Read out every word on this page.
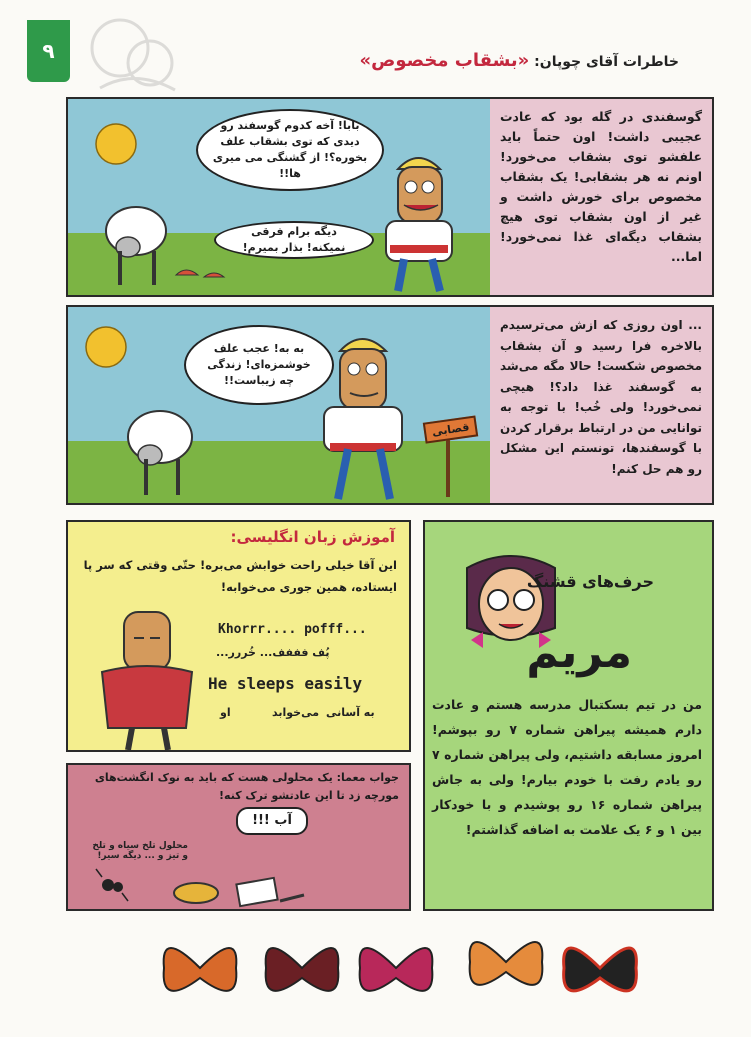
۹	خاطرات آقای چوپان: «بشقاب مخصوص»
بابا! آخه کدوم گوسفند رو دیدی که توی بشقاب علف بخوره؟! از گشنگی می میری ها!!
دیگه برام فرقی نمیکنه! بذار بمیرم!
گوسفندی در گله بود که عادت عجیبی داشت! اون حتماً باید علفشو توی بشقاب می‌خورد! اونم نه هر بشقابی! یک بشقاب مخصوص برای خورش داشت و غیر از اون بشقاب توی هیچ بشقاب دیگه‌ای غذا نمی‌خورد! اما...
به به! عجب علف خوشمزه‌ای! زندگی چه زیباست!!
قصابی
... اون روزی که ازش می‌ترسیدم بالاخره فرا رسید و آن بشقاب مخصوص شکست! حالا مگه می‌شد به گوسفند غذا داد؟! هیچی نمی‌خورد! ولی خُب! با توجه به توانایی من در ارتباط برقرار کردن با گوسفندها، تونستم این مشکل رو هم حل کنم!
آموزش زبان انگلیسی:
این آقا خیلی راحت خوابش می‌بره! حتّی وقتی که سر پا ایستاده، همین جوری می‌خوابه!
Khorrr.... pofff...
پُف فففف... خُررر...
He sleeps easily
به آسانی
می‌خوابد
او
جواب معما: یک محلولی هست که باید به نوک انگشت‌های مورچه زد تا این عادتشو ترک کنه!
آب !!!
محلول تلخ سیاه و تلخ و تیز و ... دیگه سیر!
حرف‌های قشنگ
مریم
من در تیم بسکتبال مدرسه هستم و عادت دارم همیشه پیراهن شماره ۷ رو بپوشم! امروز مسابقه داشتیم، ولی پیراهن شماره ۷ رو یادم رفت با خودم بیارم! ولی به جاش پیراهن شماره ۱۶ رو پوشیدم و با خودکار بین ۱ و ۶ یک علامت به اضافه گذاشتم!
